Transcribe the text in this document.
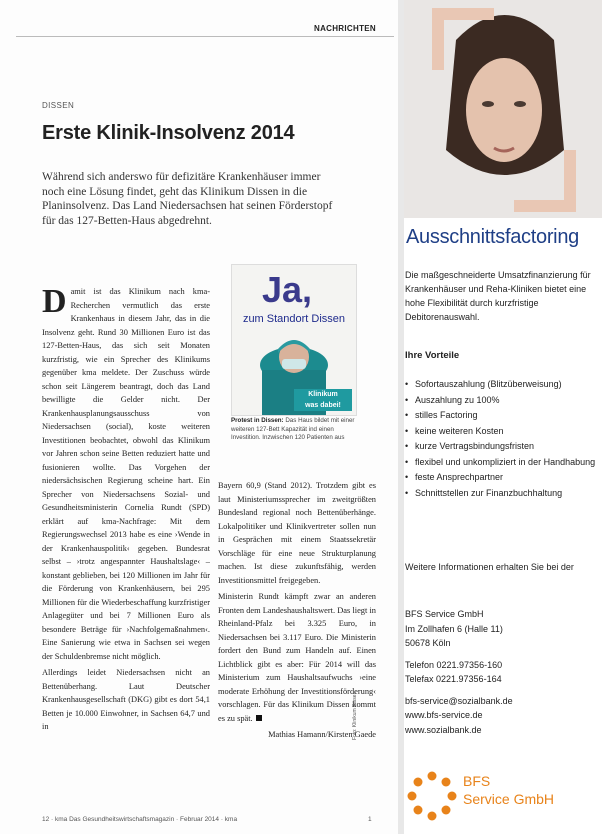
NACHRICHTEN
DISSEN
Erste Klinik-Insolvenz 2014

Während sich anderswo für defizitäre Krankenhäuser immer noch eine Lösung findet, geht das Klinikum Dissen in die Planinsolvenz. Das Land Niedersachsen hat seinen Förderstopf für das 127-Betten-Haus abgedrehnt.

D amit ist das Klinikum nach kma-Recherchen vermutlich das erste Krankenhaus in diesem Jahr, das in die Insolvenz geht. Rund 30 Millionen Euro ist das 127-Betten-Haus, das sich seit Monaten kurzfristig, wie ein Sprecher des Klinikums gegenüber kma meldete. Der Zuschuss würde schon seit Längerem beantragt, doch das Land bewilligte die Gelder nicht. Der Krankenhausplanungsausschuss von Niedersachsen (social), koste weiteren Investitionen beobachtet, obwohl das Klinikum vor Jahren schon seine Betten reduziert hatte und fusionieren wollte. Das Vorgehen der niedersächsischen Regierung scheine hart. Ein Sprecher von Niedersachsens Sozial- und Gesundheitsministerin Cornelia Rundt (SPD) erklärt auf kma-Nachfrage: Mit dem Regierungswechsel 2013 habe es eine ›Wende in der Krankenhauspolitik‹ gegeben. Bundesrat selbst – ›trotz angespannter Haushaltslage‹ – konstant geblieben, bei 120 Millionen im Jahr für die Förderung von Krankenhäusern, bei 295 Millionen für die Wiederbeschaffung kurzfristiger Anlagegüter und bei 7 Millionen Euro als besondere Beträge für ›Nachfolgemaßnahmen‹. Eine Sanierung wie etwa in Sachsen sei wegen der Schuldenbremse nicht möglich.

Allerdings leidet Niedersachsen nicht an Bettenüberhang. Laut Deutscher Krankenhausgesellschaft (DKG) gibt es dort 54,1 Betten je 10.000 Einwohner, in Sachsen 64,7 und in

Ja,
zum Standort Dissen
Klinikum
was dabei!

Protest in Dissen: Das Haus bildet mit einer weiteren 127-Bett Kapazität ind einen Investition. Inzwischen 120 Patienten aus

Bayern 60,9 (Stand 2012). Trotzdem gibt es laut Ministeriumssprecher im zweitgrößten Bundesland regional noch Bettenüberhänge. Lokalpolitiker und Klinikvertreter sollen nun in Gesprächen mit einem Staatssekretär Vorschläge für eine neue Strukturplanung machen. Ist diese zukunftsfähig, werden Investitionsmittel freigegeben.

Ministerin Rundt kämpft zwar an anderen Fronten dem Landeshaushaltswert. Das liegt in Rheinland-Pfalz bei 3.325 Euro, in Niedersachsen bei 3.117 Euro. Die Ministerin fordert den Bund zum Handeln auf. Einen Lichtblick gibt es aber: Für 2014 will das Ministerium zum Haushaltsaufwuchs ›eine moderate Erhöhung der Investitionsförderung‹ vorschlagen. Für das Klinikum Dissen kommt es zu spät.

Mathias Hamann/Kirsten Gaede
Foto: Klinikum Dissen
12 · kma Das Gesundheitswirtschaftsmagazin · Februar 2014 · kma	1
Ausschnittsfactoring

Die maßgeschneiderte Umsatzfinanzierung für Krankenhäuser und Reha-Kliniken bietet eine hohe Flexibilität durch kurzfristige Debitorenauswahl.

Ihre Vorteile
• Sofortauszahlung (Blitzüberweisung)
• Auszahlung zu 100%
• stilles Factoring
• keine weiteren Kosten
• kurze Vertragsbindungsfristen
• flexibel und unkompliziert in der Handhabung
• feste Ansprechpartner
• Schnittstellen zur Finanzbuchhaltung

Weitere Informationen erhalten Sie bei der

BFS Service GmbH
Im Zollhafen 6 (Halle 11)
50678 Köln
Telefon 0221.97356-160
Telefax 0221.97356-164
bfs-service@sozialbank.de
www.bfs-service.de
www.sozialbank.de
BFS
Service GmbH
